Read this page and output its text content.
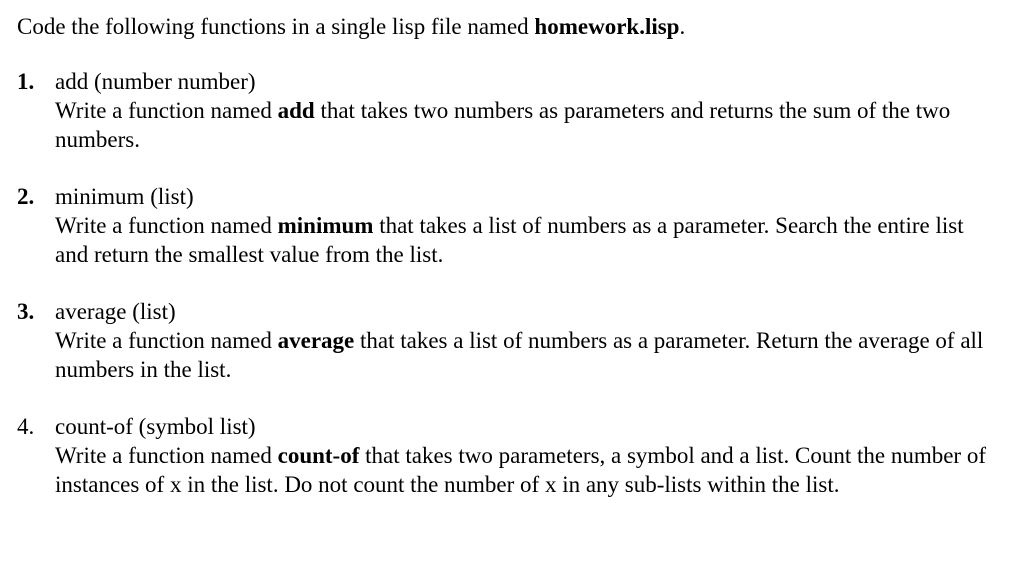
Code the following functions in a single lisp file named homework.lisp.

1. add (number number)
Write a function named add that takes two numbers as parameters and returns the sum of the two numbers.
2. minimum (list)
Write a function named minimum that takes a list of numbers as a parameter. Search the entire list and return the smallest value from the list.
3. average (list)
Write a function named average that takes a list of numbers as a parameter. Return the average of all numbers in the list.
4. count-of (symbol list)
Write a function named count-of that takes two parameters, a symbol and a list. Count the number of instances of x in the list. Do not count the number of x in any sub-lists within the list.
